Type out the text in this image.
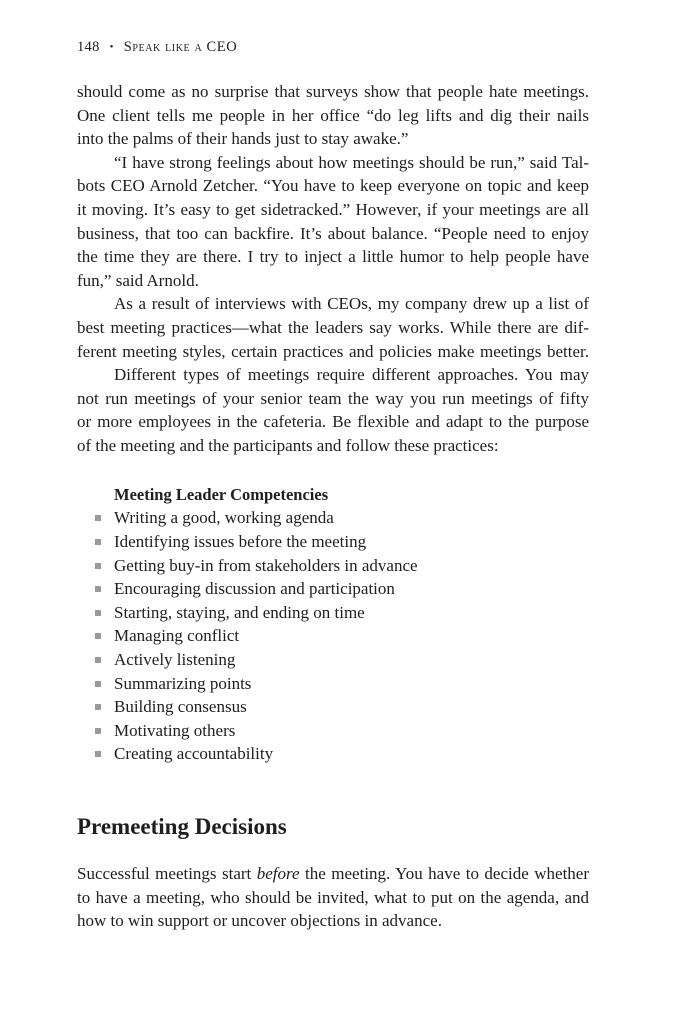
148 • Speak like a CEO
should come as no surprise that surveys show that people hate meetings.
One client tells me people in her office “do leg lifts and dig their nails
into the palms of their hands just to stay awake.”
“I have strong feelings about how meetings should be run,” said Tal-
bots CEO Arnold Zetcher. “You have to keep everyone on topic and keep
it moving. It’s easy to get sidetracked.” However, if your meetings are all
business, that too can backfire. It’s about balance. “People need to enjoy
the time they are there. I try to inject a little humor to help people have
fun,” said Arnold.
As a result of interviews with CEOs, my company drew up a list of
best meeting practices—what the leaders say works. While there are dif-
ferent meeting styles, certain practices and policies make meetings better.
Different types of meetings require different approaches. You may
not run meetings of your senior team the way you run meetings of fifty
or more employees in the cafeteria. Be flexible and adapt to the purpose
of the meeting and the participants and follow these practices:
Meeting Leader Competencies
Writing a good, working agenda
Identifying issues before the meeting
Getting buy-in from stakeholders in advance
Encouraging discussion and participation
Starting, staying, and ending on time
Managing conflict
Actively listening
Summarizing points
Building consensus
Motivating others
Creating accountability
Premeeting Decisions
Successful meetings start before the meeting. You have to decide whether
to have a meeting, who should be invited, what to put on the agenda, and
how to win support or uncover objections in advance.
